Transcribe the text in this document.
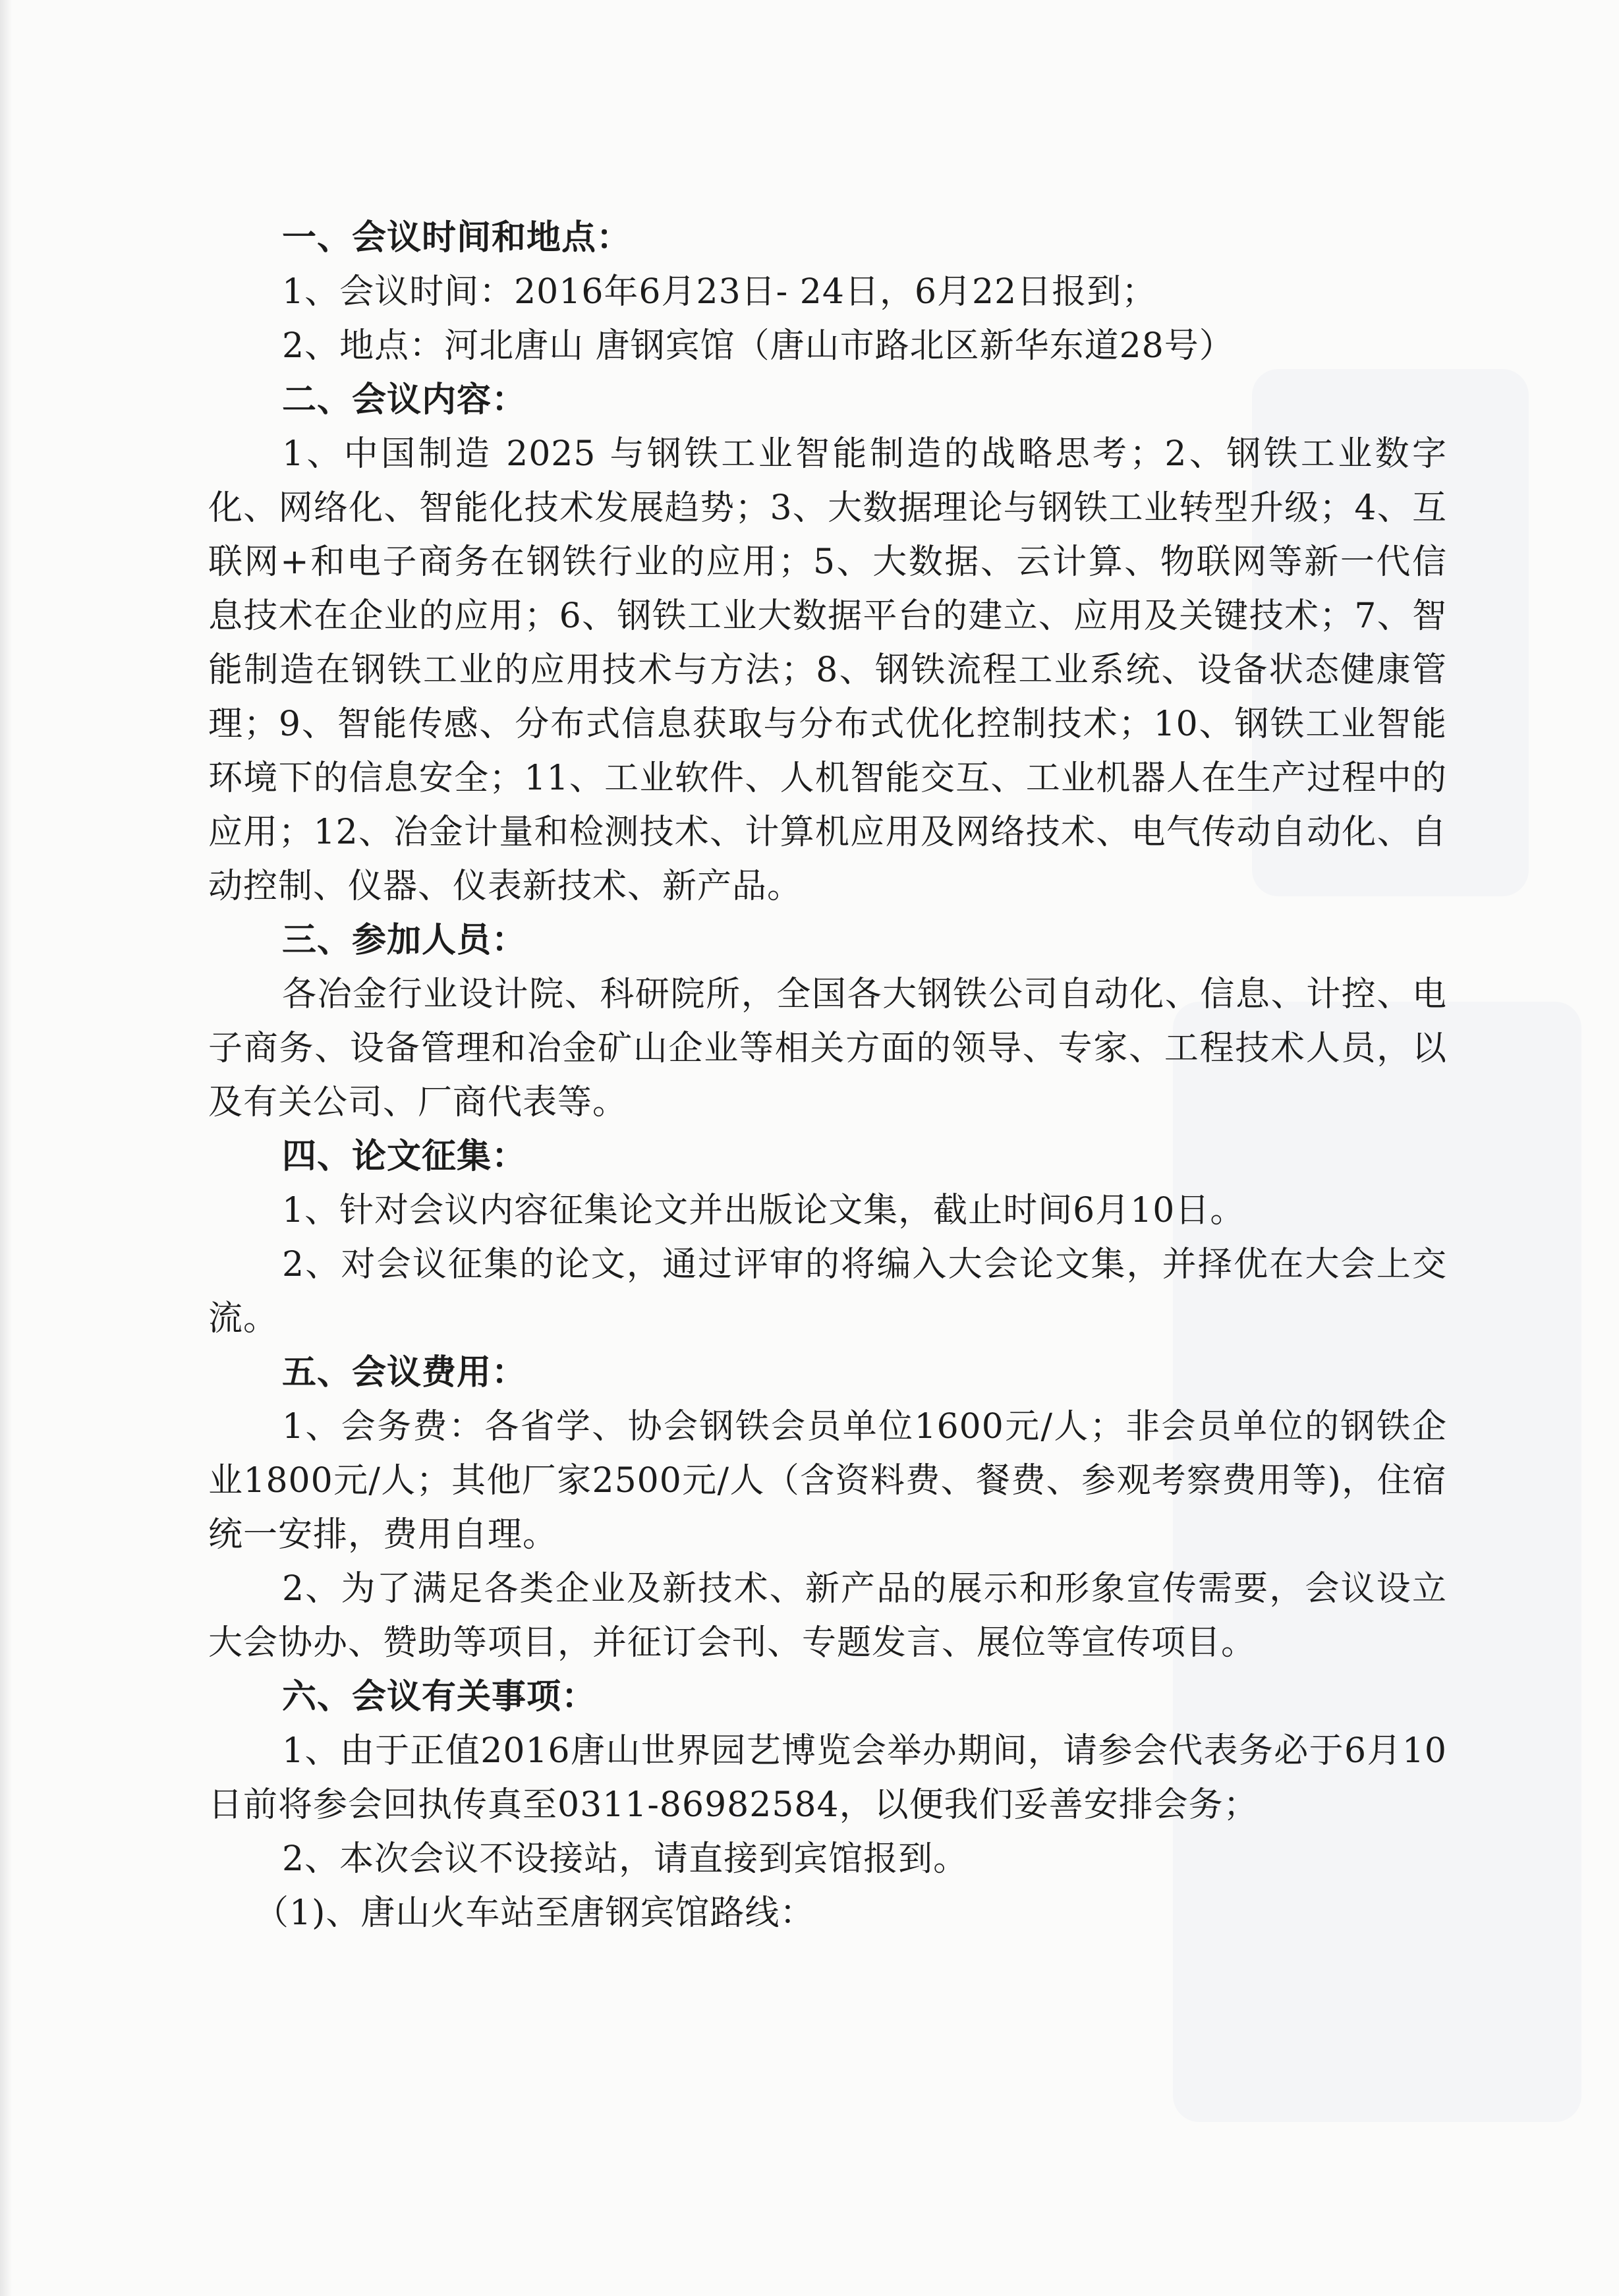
一、会议时间和地点：

1、会议时间：2016年6月23日- 24日，6月22日报到；

2、地点：河北唐山 唐钢宾馆（唐山市路北区新华东道28号）

二、会议内容：

1、中国制造 2025 与钢铁工业智能制造的战略思考；2、钢铁工业数字化、网络化、智能化技术发展趋势；3、大数据理论与钢铁工业转型升级；4、互联网+和电子商务在钢铁行业的应用；5、大数据、云计算、物联网等新一代信息技术在企业的应用；6、钢铁工业大数据平台的建立、应用及关键技术；7、智能制造在钢铁工业的应用技术与方法；8、钢铁流程工业系统、设备状态健康管理；9、智能传感、分布式信息获取与分布式优化控制技术；10、钢铁工业智能环境下的信息安全；11、工业软件、人机智能交互、工业机器人在生产过程中的应用；12、冶金计量和检测技术、计算机应用及网络技术、电气传动自动化、自动控制、仪器、仪表新技术、新产品。

三、参加人员：

各冶金行业设计院、科研院所，全国各大钢铁公司自动化、信息、计控、电子商务、设备管理和冶金矿山企业等相关方面的领导、专家、工程技术人员，以及有关公司、厂商代表等。

四、论文征集：

1、针对会议内容征集论文并出版论文集，截止时间6月10日。

2、对会议征集的论文，通过评审的将编入大会论文集，并择优在大会上交流。

五、会议费用：

1、会务费：各省学、协会钢铁会员单位1600元/人；非会员单位的钢铁企业1800元/人；其他厂家2500元/人（含资料费、餐费、参观考察费用等)，住宿统一安排，费用自理。

2、为了满足各类企业及新技术、新产品的展示和形象宣传需要，会议设立大会协办、赞助等项目，并征订会刊、专题发言、展位等宣传项目。

六、会议有关事项：

1、由于正值2016唐山世界园艺博览会举办期间，请参会代表务必于6月10日前将参会回执传真至0311-86982584，以便我们妥善安排会务；

2、本次会议不设接站，请直接到宾馆报到。

（1)、唐山火车站至唐钢宾馆路线：
